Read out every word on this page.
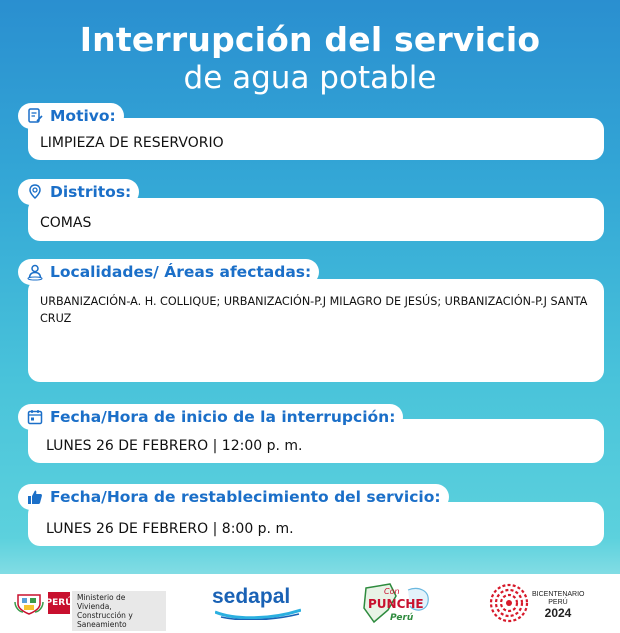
Interrupción del servicio
de agua potable
LIMPIEZA DE RESERVORIO
Motivo:
COMAS
Distritos:
URBANIZACIÓN-A. H. COLLIQUE; URBANIZACIÓN-P.J MILAGRO DE JESÚS; URBANIZACIÓN-P.J SANTA CRUZ
Localidades/ Áreas afectadas:
LUNES 26 DE FEBRERO | 12:00 p. m.
Fecha/Hora de inicio de la interrupción:
LUNES 26 DE FEBRERO | 8:00 p. m.
Fecha/Hora de restablecimiento del servicio:
PERÚ
Ministerio de Vivienda, Construcción y Saneamiento
sedapal	Con
PUNCHE
Perú
BICENTENARIO
PERÚ
2024
